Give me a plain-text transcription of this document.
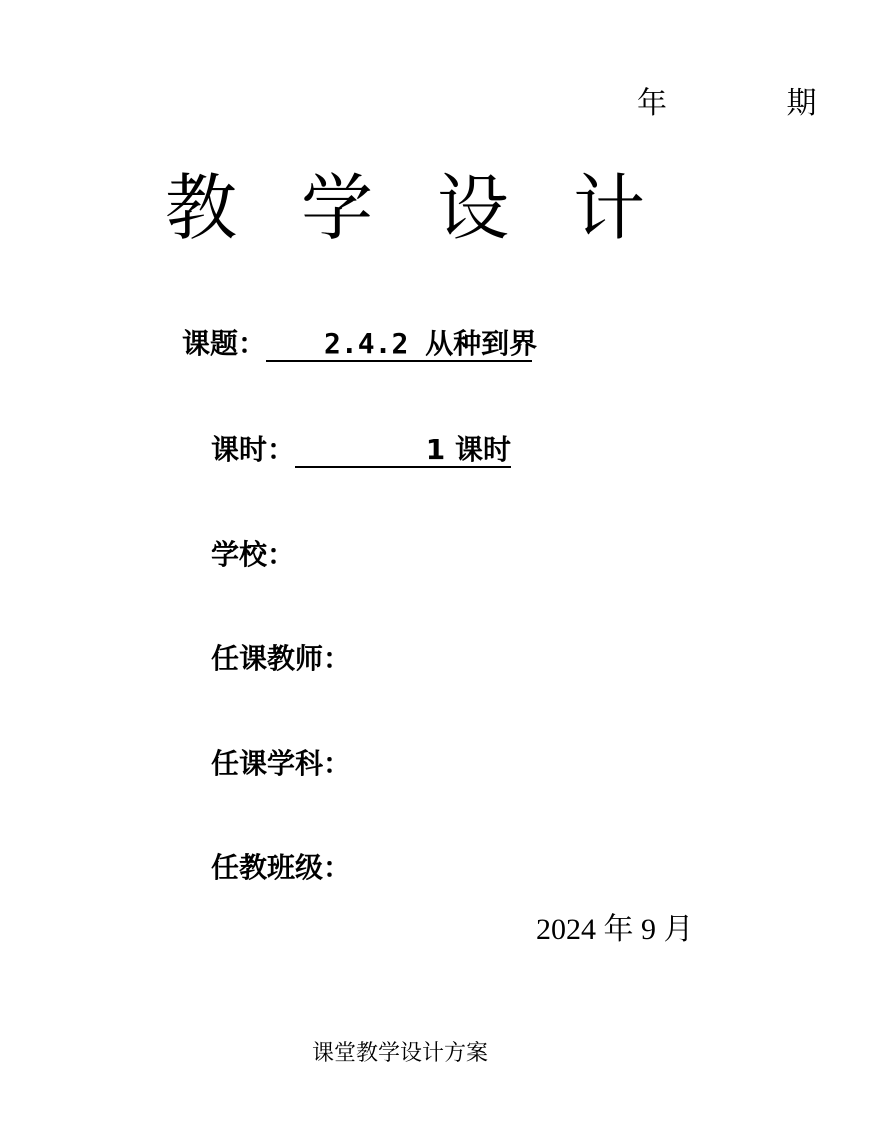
年 期
教学设计
课题： 2.4.2 从种到界
课时：	1 课时
学校：
任课教师：
任课学科：
任教班级：
2024 年 9 月
课堂教学设计方案
